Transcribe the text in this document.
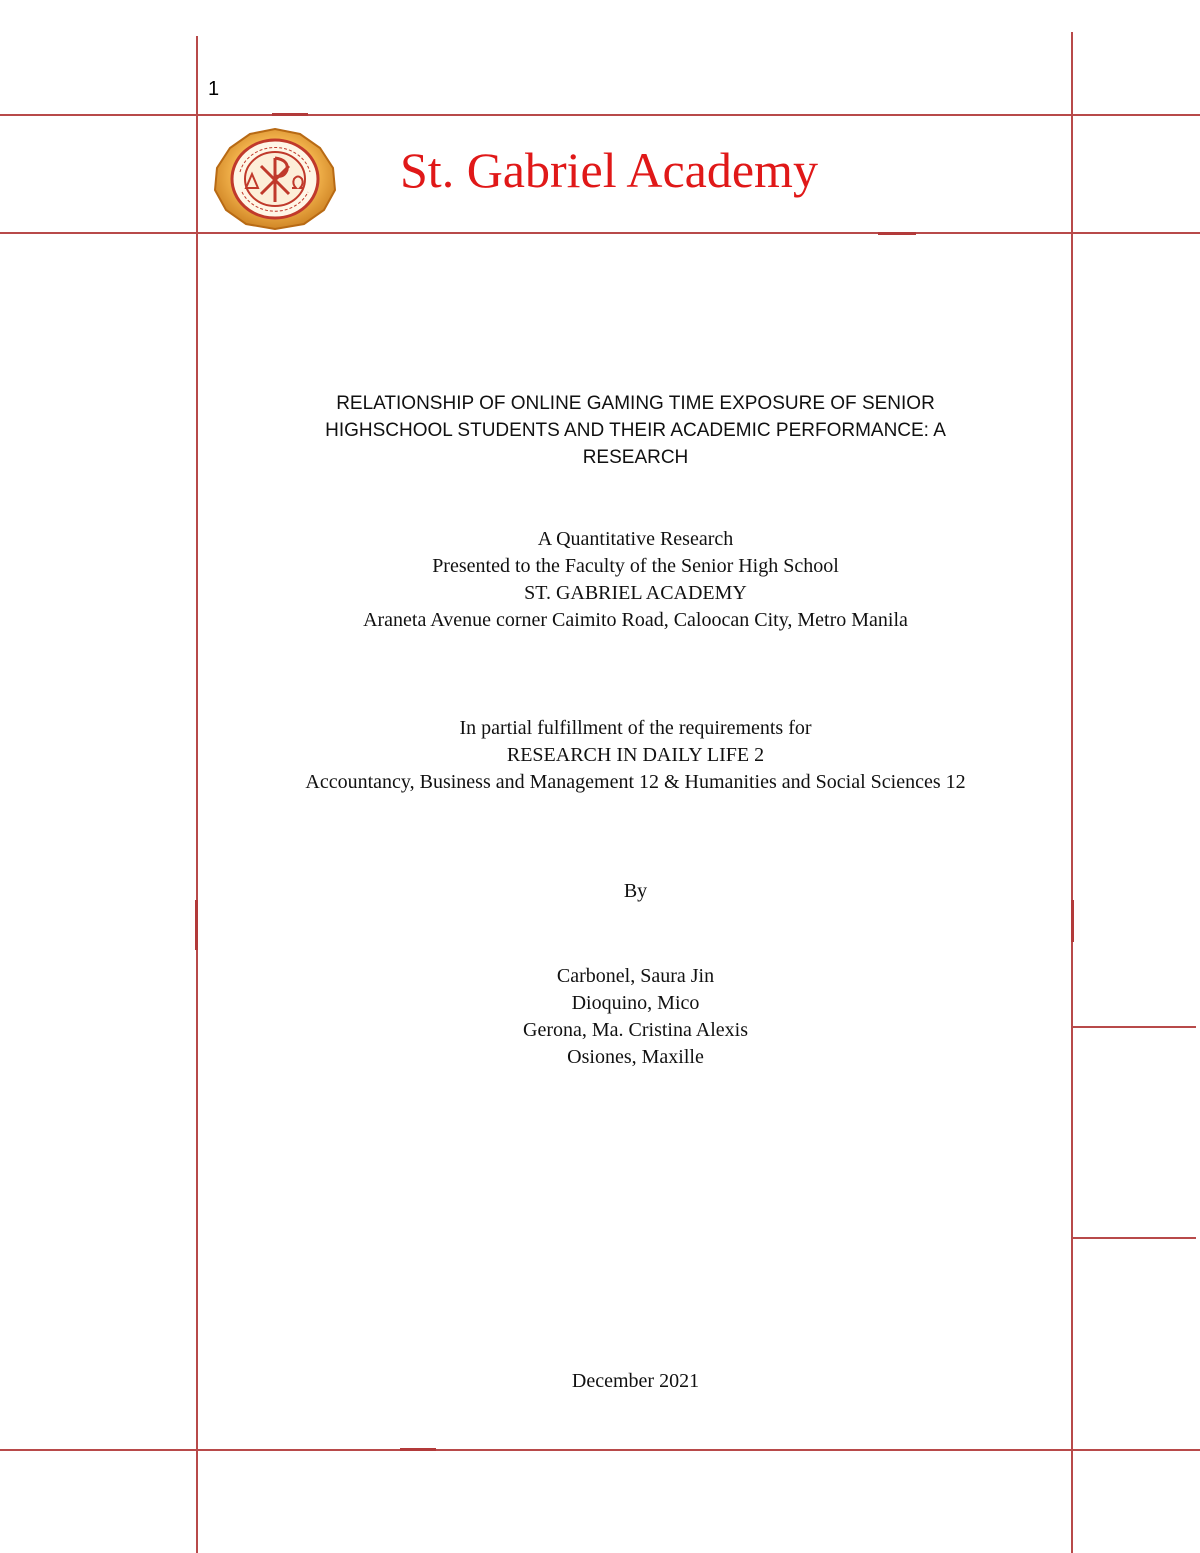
1
St. Gabriel Academy
RELATIONSHIP OF ONLINE GAMING TIME EXPOSURE OF SENIOR
HIGHSCHOOL STUDENTS AND THEIR ACADEMIC PERFORMANCE: A
RESEARCH
A Quantitative Research
Presented to the Faculty of the Senior High School
ST. GABRIEL ACADEMY
Araneta Avenue corner Caimito Road, Caloocan City, Metro Manila
In partial fulfillment of the requirements for
RESEARCH IN DAILY LIFE 2
Accountancy, Business and Management 12 & Humanities and Social Sciences 12
By
Carbonel, Saura Jin
Dioquino, Mico
Gerona, Ma. Cristina Alexis
Osiones, Maxille
December 2021
